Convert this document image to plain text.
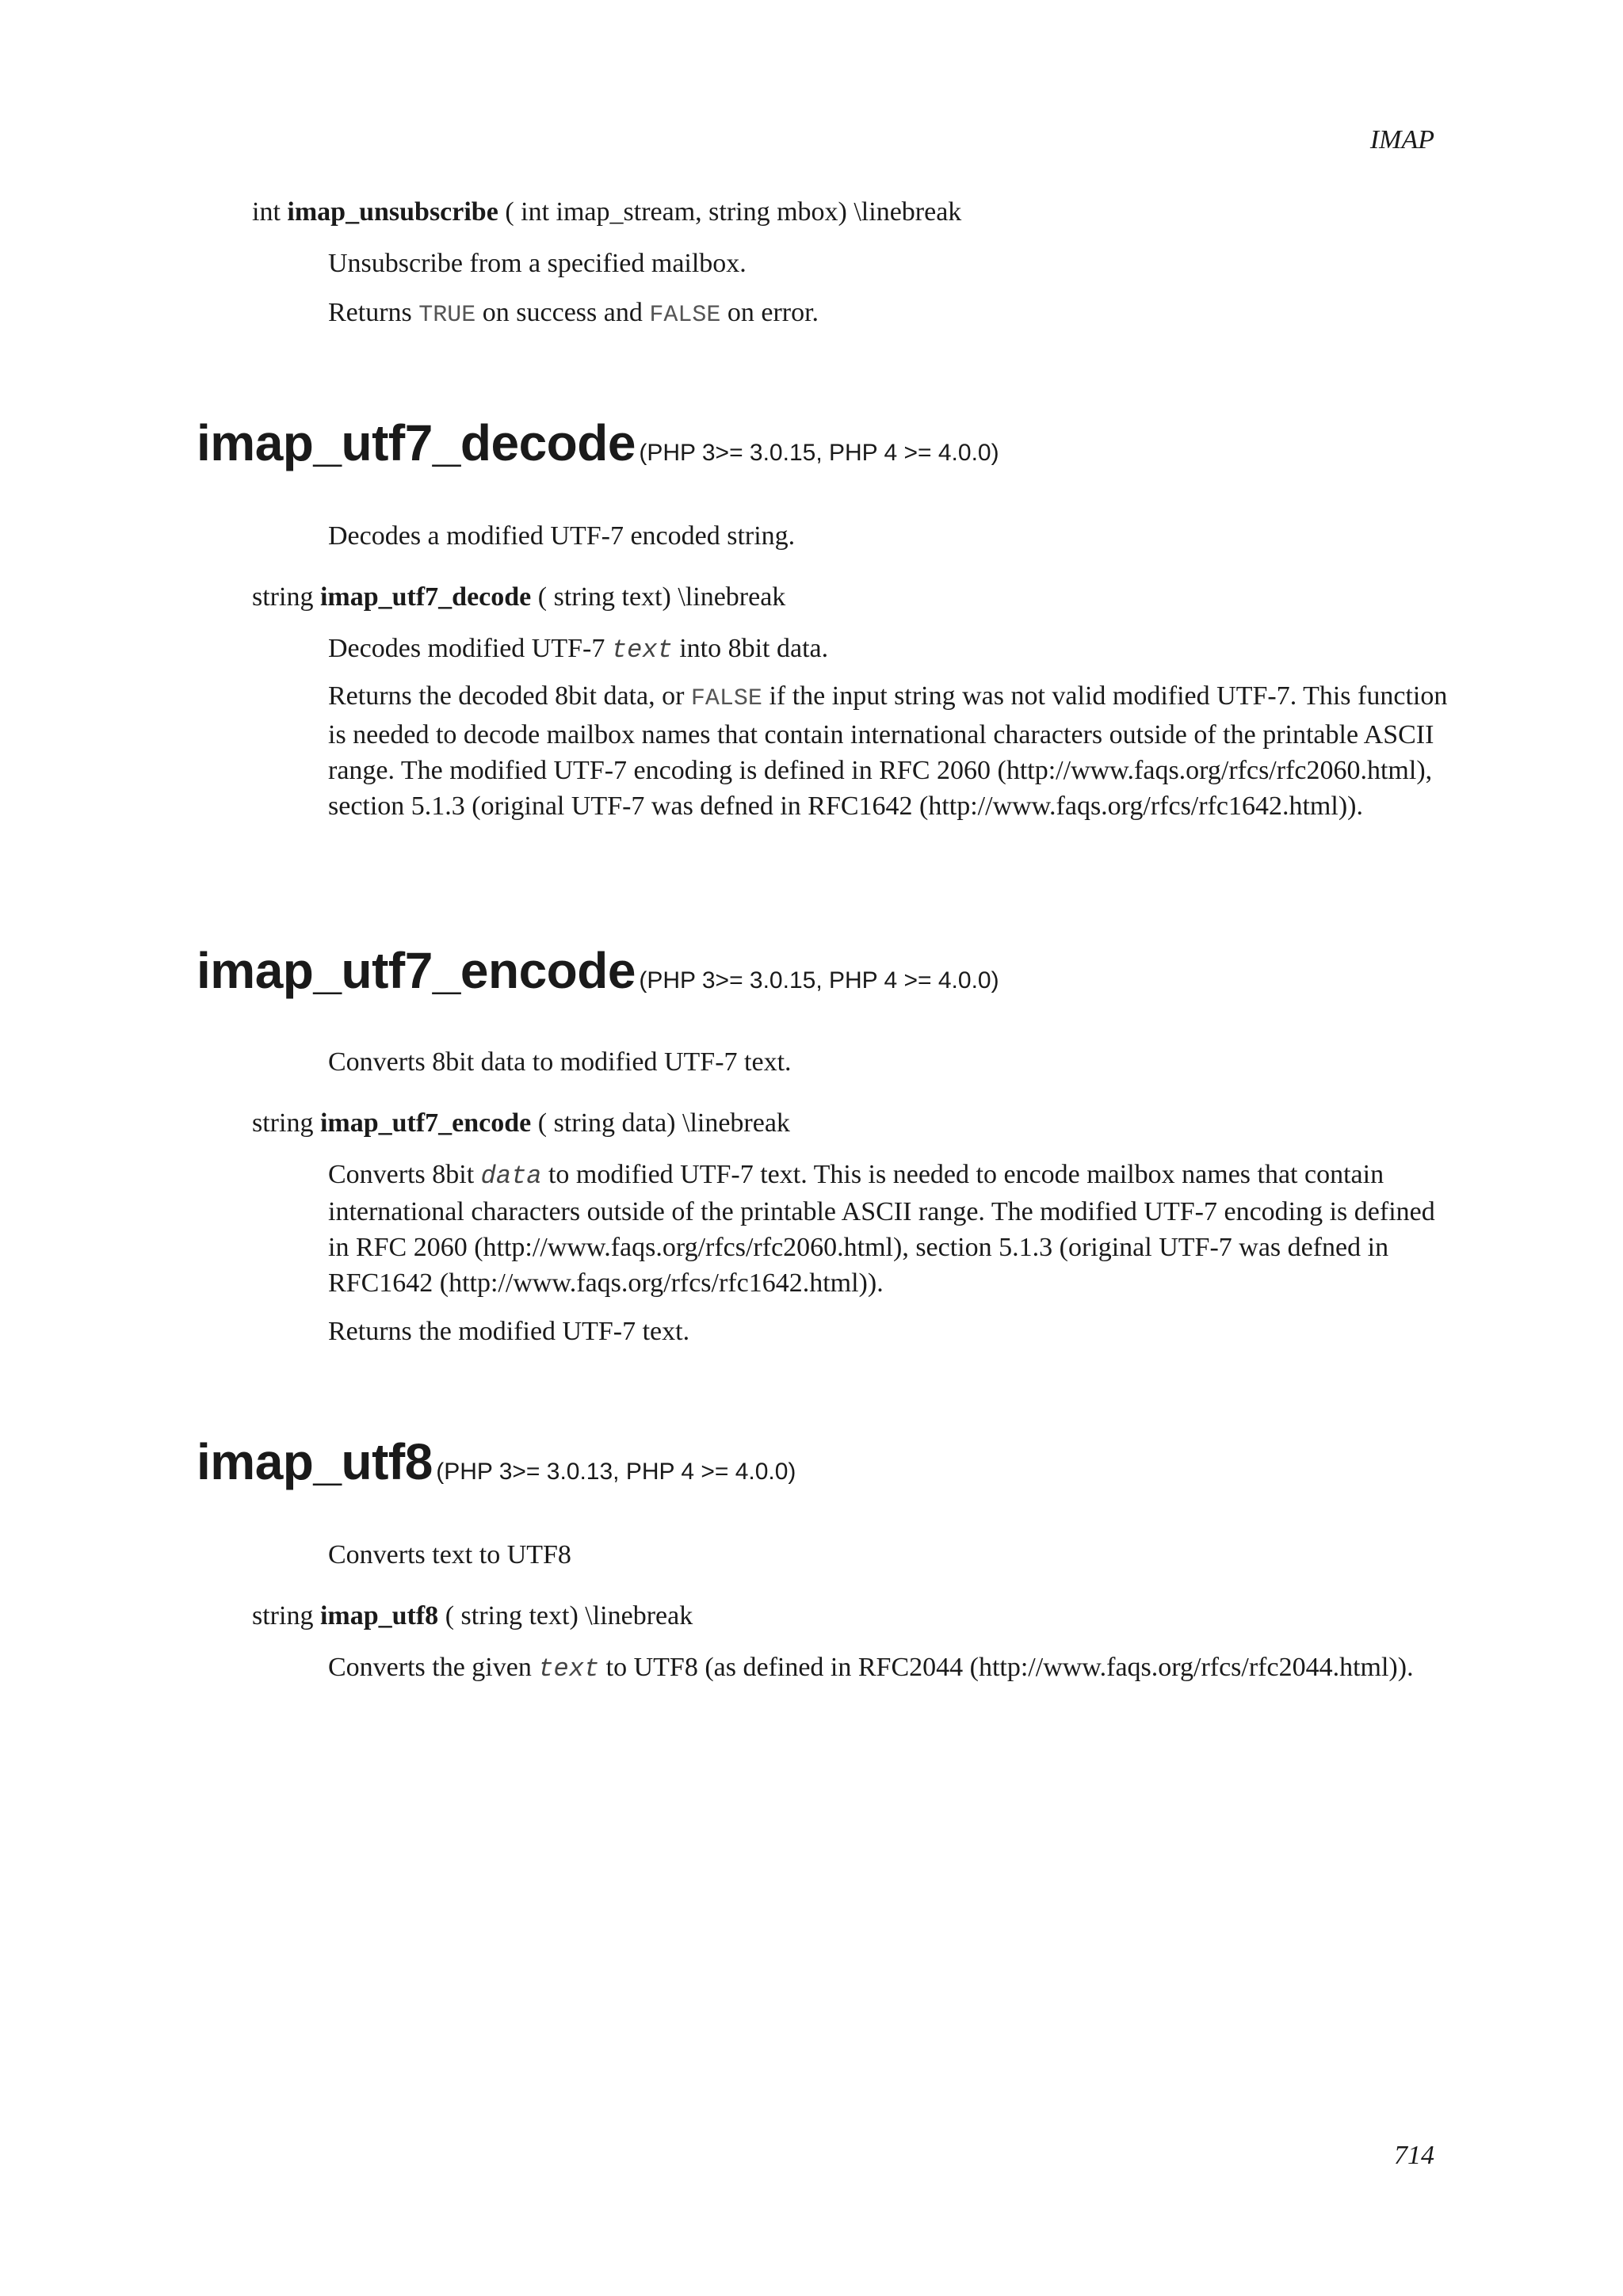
IMAP
int imap_unsubscribe ( int imap_stream, string mbox) \linebreak
Unsubscribe from a specified mailbox.
Returns TRUE on success and FALSE on error.
imap_utf7_decode (PHP 3>= 3.0.15, PHP 4 >= 4.0.0)
Decodes a modified UTF-7 encoded string.
string imap_utf7_decode ( string text) \linebreak
Decodes modified UTF-7 text into 8bit data.
Returns the decoded 8bit data, or FALSE if the input string was not valid modified UTF-7. This function is needed to decode mailbox names that contain international characters outside of the printable ASCII range. The modified UTF-7 encoding is defined in RFC 2060 (http://www.faqs.org/rfcs/rfc2060.html), section 5.1.3 (original UTF-7 was defned in RFC1642 (http://www.faqs.org/rfcs/rfc1642.html)).
imap_utf7_encode (PHP 3>= 3.0.15, PHP 4 >= 4.0.0)
Converts 8bit data to modified UTF-7 text.
string imap_utf7_encode ( string data) \linebreak
Converts 8bit data to modified UTF-7 text. This is needed to encode mailbox names that contain international characters outside of the printable ASCII range. The modified UTF-7 encoding is defined in RFC 2060 (http://www.faqs.org/rfcs/rfc2060.html), section 5.1.3 (original UTF-7 was defned in RFC1642 (http://www.faqs.org/rfcs/rfc1642.html)).
Returns the modified UTF-7 text.
imap_utf8 (PHP 3>= 3.0.13, PHP 4 >= 4.0.0)
Converts text to UTF8
string imap_utf8 ( string text) \linebreak
Converts the given text to UTF8 (as defined in RFC2044 (http://www.faqs.org/rfcs/rfc2044.html)).
714
